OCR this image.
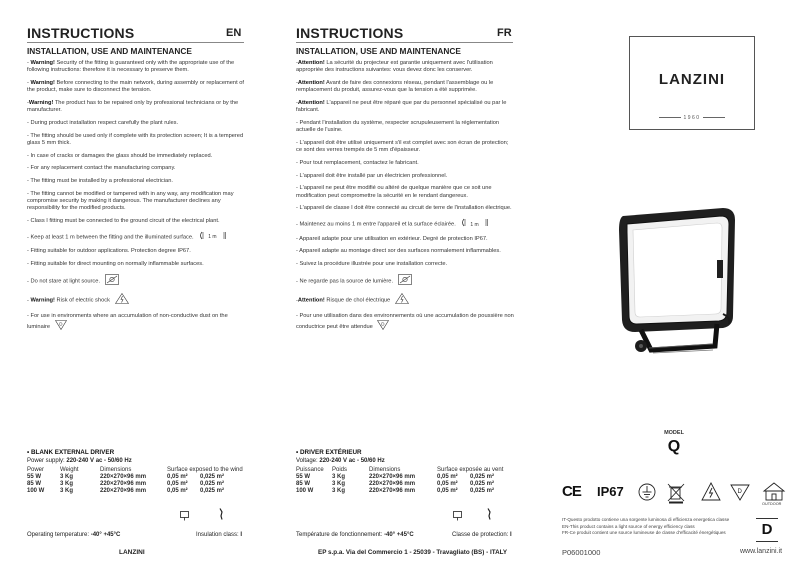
INSTRUCTIONS	EN
INSTALLATION, USE AND MAINTENANCE

- Warning! Security of the fitting is guaranteed only with the appropriate use of the following instructions: therefore it is necessary to preserve them.

- Warning! Before connecting to the main network, during assembly or replacement of the product, make sure to disconnect the tension.

-Warning! The product has to be repaired only by professional technicians or by the manufacturer.

- During product installation respect carefully the plant rules.

- The fitting should be used only if complete with its protection screen; It is a tempered glass 5 mm thick.

- In case of cracks or damages the glass should be immediately replaced.

- For any replacement contact the manufacturing company.

- The fitting must be installed by a professional electrician.

- The fitting cannot be modified or tampered with in any way, any modification may compromise security by making it dangerous. The manufacturer declines any responsibility for the modified products.

- Class I fitting must be connected to the ground circuit of the electrical plant.

- Keep at least 1 m between the fitting and the illuminated surface.	1 m

- Fitting suitable for outdoor applications. Protection degree IP67.

- Fitting suitable for direct mounting on normally inflammable surfaces.

- Do not stare at light source.

- Warning! Risk of electric shock

- For use in environments where an accumulation of non-conductive dust on the luminaire
D

• BLANK EXTERNAL DRIVER
Power supply: 220-240 V ac - 50/60 Hz
Power	Weight	Dimensions	Surface exposed to the wind	
55 W	3 Kg	220×270×96 mm	0,05 m²	0,025 m²
85 W	3 Kg	220×270×96 mm	0,05 m²	0,025 m²
100 W	3 Kg	220×270×96 mm	0,05 m²	0,025 m²
Operating temperature: -40° +45°C	Insulation class: I
LANZINI
INSTRUCTIONS	FR
INSTALLATION, USE AND MAINTENANCE

-Attention! La sécurité du projecteur est garantie uniquement avec l'utilisation appropriée des instructions suivantes: vous devez donc les conserver.

-Attention! Avant de faire des connexions réseau, pendant l'assemblage ou le remplacement du produit, assurez-vous que la tension a été supprimée.

-Attention! L'appareil ne peut être réparé que par du personnel spécialisé ou par le fabricant.

- Pendant l'installation du système, respecter scrupuleusement la réglementation actuelle de l'usine.

- L'appareil doit être utilisé uniquement s'il est complet avec son écran de protection; ce sont des verres trempés de 5 mm d'épaisseur.

- Pour tout remplacement, contactez le fabricant.

- L'appareil doit être installé par un électricien professionnel.

- L'appareil ne peut être modifié ou altéré de quelque manière que ce soit une modification peut compromettre la sécurité en le rendant dangereux.

- L'appareil de classe I doit être connecté au circuit de terre de l'installation électrique.

- Maintenez au moins 1 m entre l'appareil et la surface éclairée.	1 m

- Appareil adapte pour une utilisation en extérieur. Degré de protection IP67.

- Appareil adapte au montage direct sor des surfaces normalement inflammables.

- Suivez la procédure illustrée pour une installation correcte.

- Ne regarde pas la source de lumière.

-Attention! Risque de chol électrique

- Pour une utilisation dans des environnements où une accumulation de poussière non conductrice peut être attendue
D

• DRIVER EXTÉRIEUR
Voltage: 220-240 V ac - 50/60 Hz
Puissance	Poids	Dimensions	Surface exposée au vent	
55 W	3 Kg	220×270×96 mm	0,05 m²	0,025 m²
85 W	3 Kg	220×270×96 mm	0,05 m²	0,025 m²
100 W	3 Kg	220×270×96 mm	0,05 m²	0,025 m²
Température de fonctionnement: -40° +45°C	Classe de protection: I
EP s.p.a. Via del Commercio 1 - 25039 - Travagliato (BS) - ITALY
LANZINI
1960
MODEL
Q
CE IP67	D
OUTDOOR
IT-Questo prodotto contiene una sorgente luminosa di efficienza energetica classe
EN-This product contains a light source of energy efficiency class
FR-Ce produit contient une source lumineuse de classe d'efficacité énergétiques	D
P06001000	www.lanzini.it
